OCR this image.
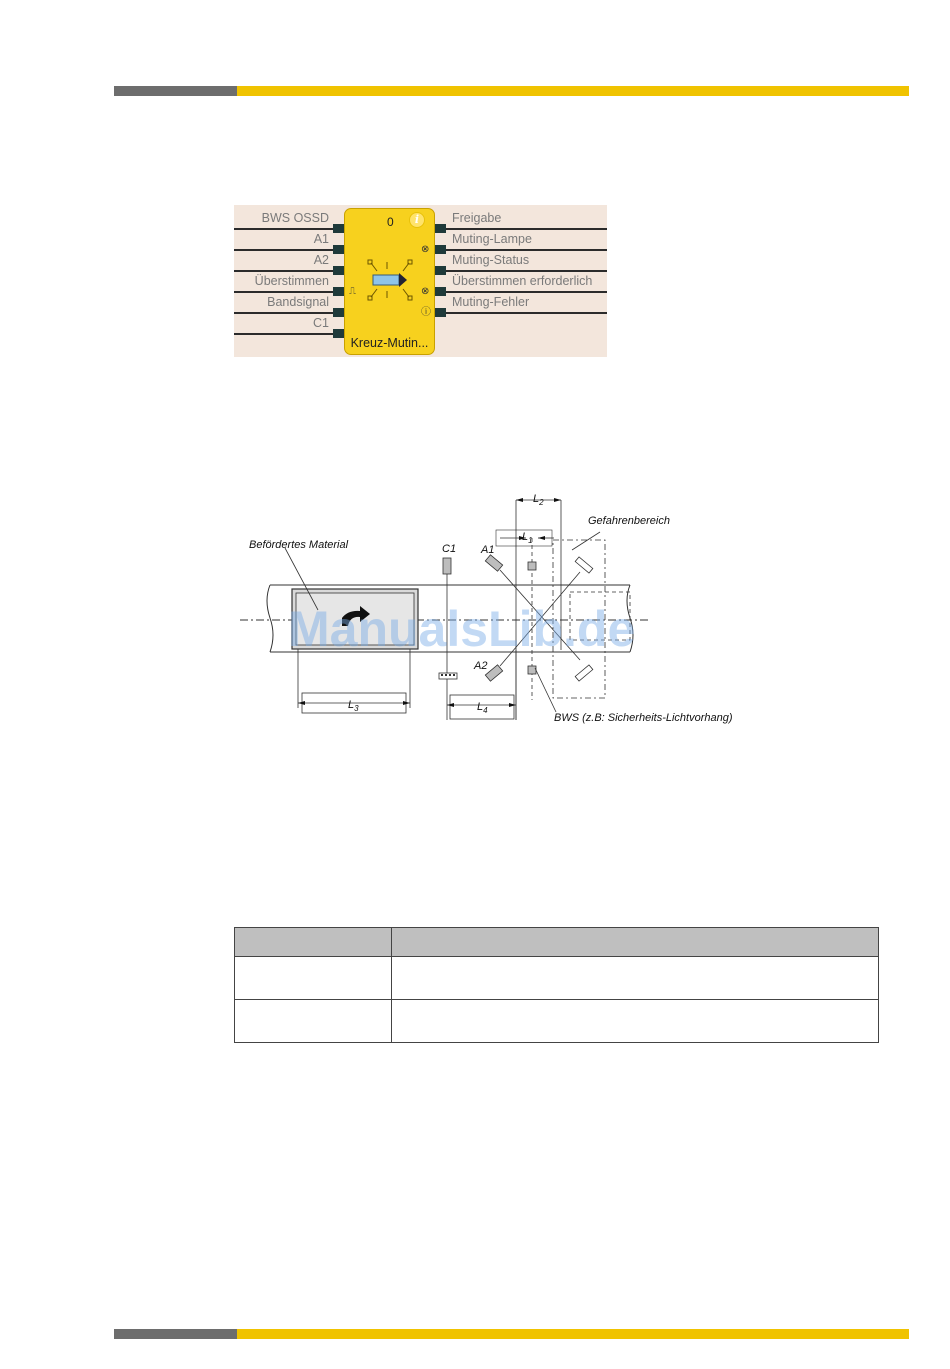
BWS OSSD
A1
A2
Überstimmen
Bandsignal
C1
Freigabe
Muting-Lampe
Muting-Status
Überstimmen erforderlich
Muting-Fehler
0	i
Kreuz-Mutin...
⎍
⊗
⊗
ⓘ
$L_3$
C1
$L_4$
A1
A2
$L_2$
$L_1$
Gefahrenbereich
Befördertes Material
BWS (z.B: Sicherheits-Lichtvorhang)
ManualsLib.de
